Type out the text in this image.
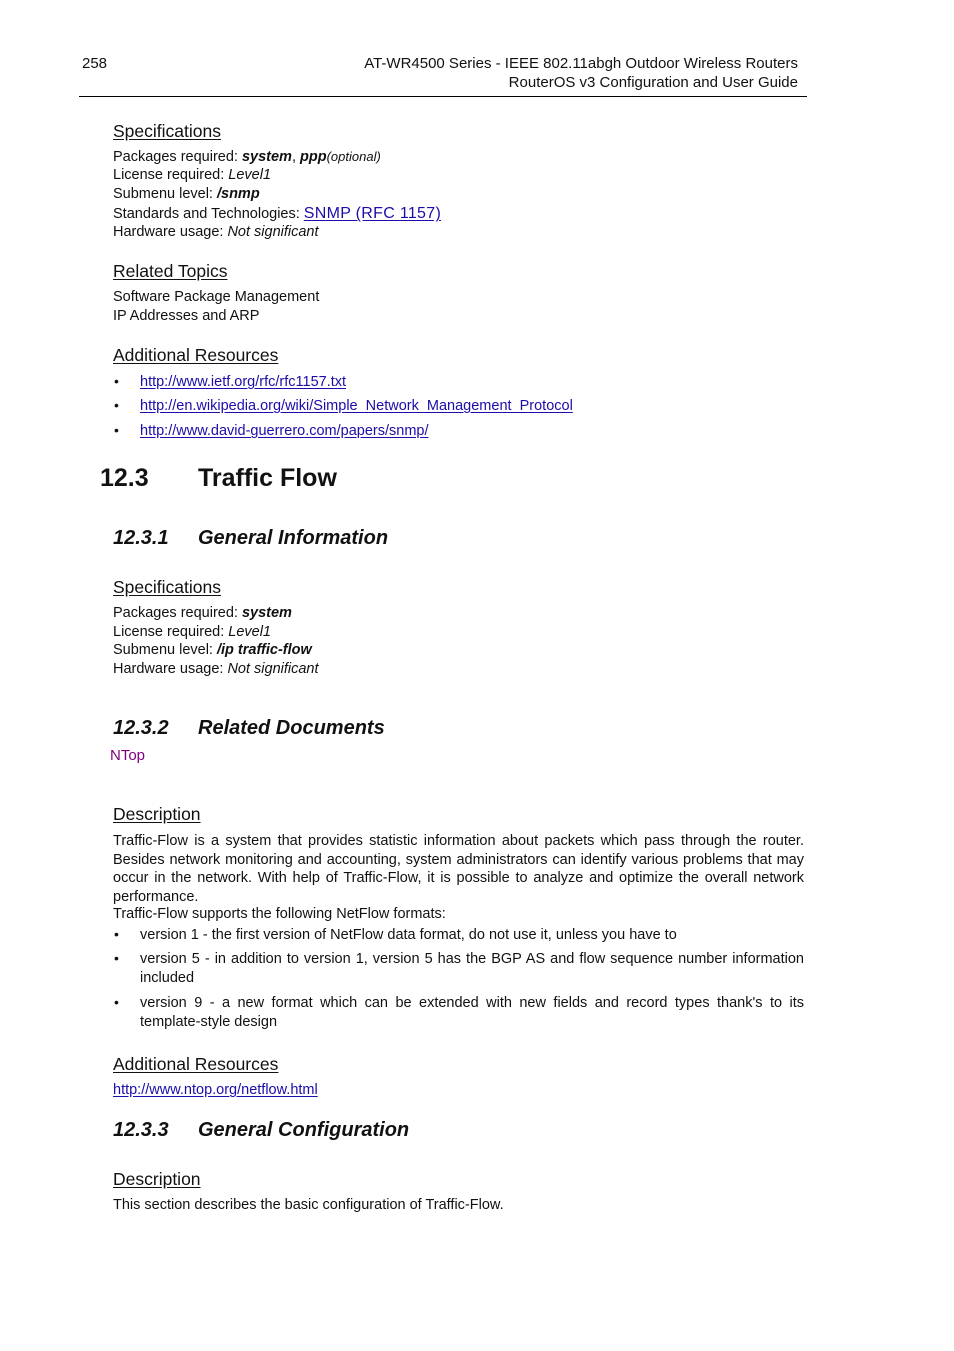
258	AT-WR4500 Series - IEEE 802.11abgh Outdoor Wireless Routers
RouterOS v3 Configuration and User Guide
Specifications
Packages required: system, ppp(optional)
License required: Level1
Submenu level: /snmp
Standards and Technologies: SNMP (RFC 1157)
Hardware usage: Not significant
Related Topics
Software Package Management
IP Addresses and ARP
Additional Resources
• http://www.ietf.org/rfc/rfc1157.txt
• http://en.wikipedia.org/wiki/Simple_Network_Management_Protocol
• http://www.david-guerrero.com/papers/snmp/
12.3 Traffic Flow
12.3.1 General Information
Specifications
Packages required: system
License required: Level1
Submenu level: /ip traffic-flow
Hardware usage: Not significant
12.3.2 Related Documents
NTop
Description
Traffic-Flow is a system that provides statistic information about packets which pass through the router. Besides network monitoring and accounting, system administrators can identify various problems that may occur in the network. With help of Traffic-Flow, it is possible to analyze and optimize the overall network performance.
Traffic-Flow supports the following NetFlow formats:
• version 1 - the first version of NetFlow data format, do not use it, unless you have to
• version 5 - in addition to version 1, version 5 has the BGP AS and flow sequence number information included
• version 9 - a new format which can be extended with new fields and record types thank's to its template-style design
Additional Resources
http://www.ntop.org/netflow.html
12.3.3 General Configuration
Description
This section describes the basic configuration of Traffic-Flow.
